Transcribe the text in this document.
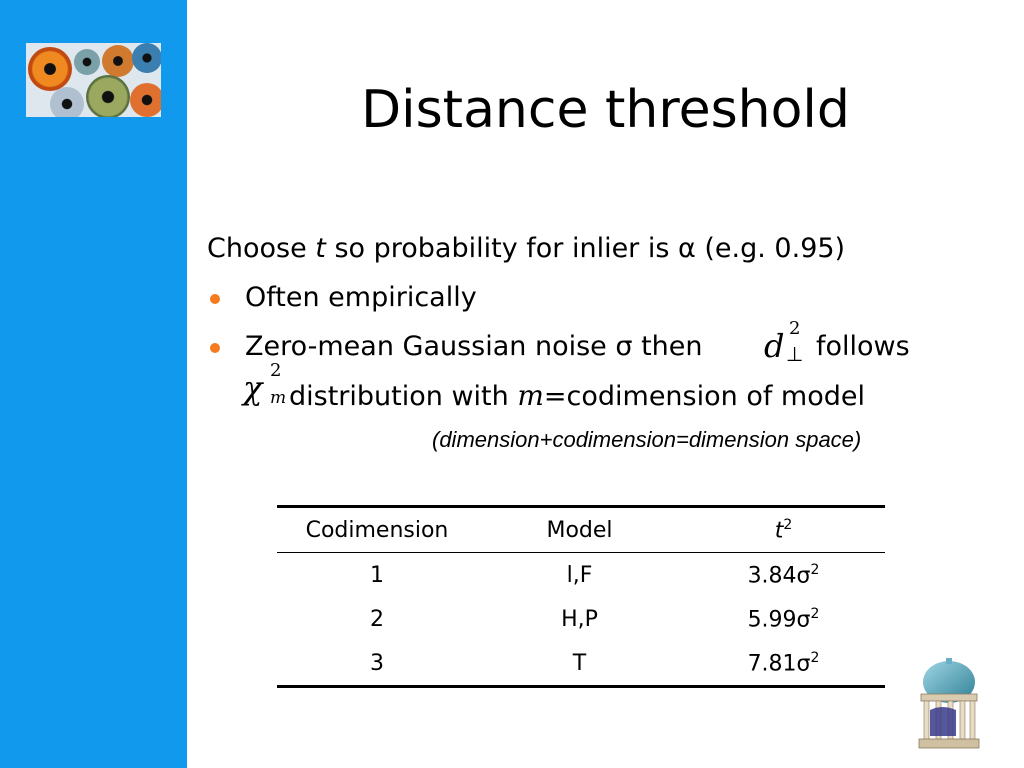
Distance threshold
Choose t so probability for inlier is α (e.g. 0.95)
Often empirically
Zero-mean Gaussian noise σ then d 2
⊥ follows
χ 2
m distribution with m=codimension of model
(dimension+codimension=dimension space)
Codimension	Model	$t^2$
1	l,F	$3.84\sigma^2$
2	H,P	$5.99\sigma^2$
3	T	$7.81\sigma^2$
